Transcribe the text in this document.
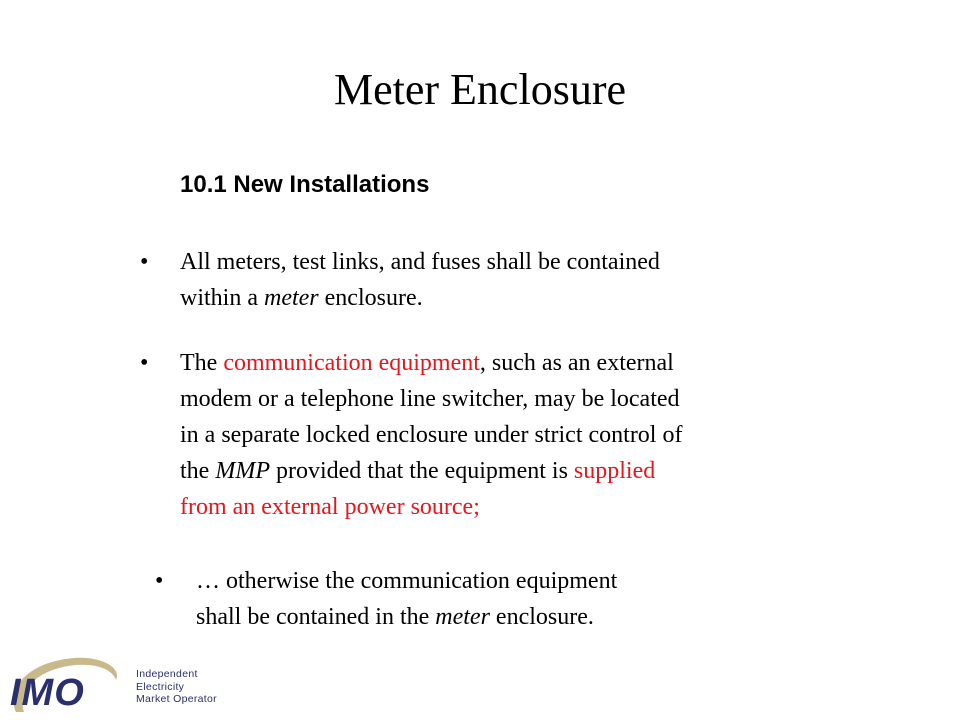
Meter Enclosure
10.1 New Installations
• All meters, test links, and fuses shall be contained
within a meter enclosure.
• The communication equipment, such as an external
modem or a telephone line switcher, may be located
in a separate locked enclosure under strict control of
the MMP provided that the equipment is supplied
from an external power source;
• … otherwise the communication equipment
shall be contained in the meter enclosure.
IMO	Independent
Electricity
Market Operator
